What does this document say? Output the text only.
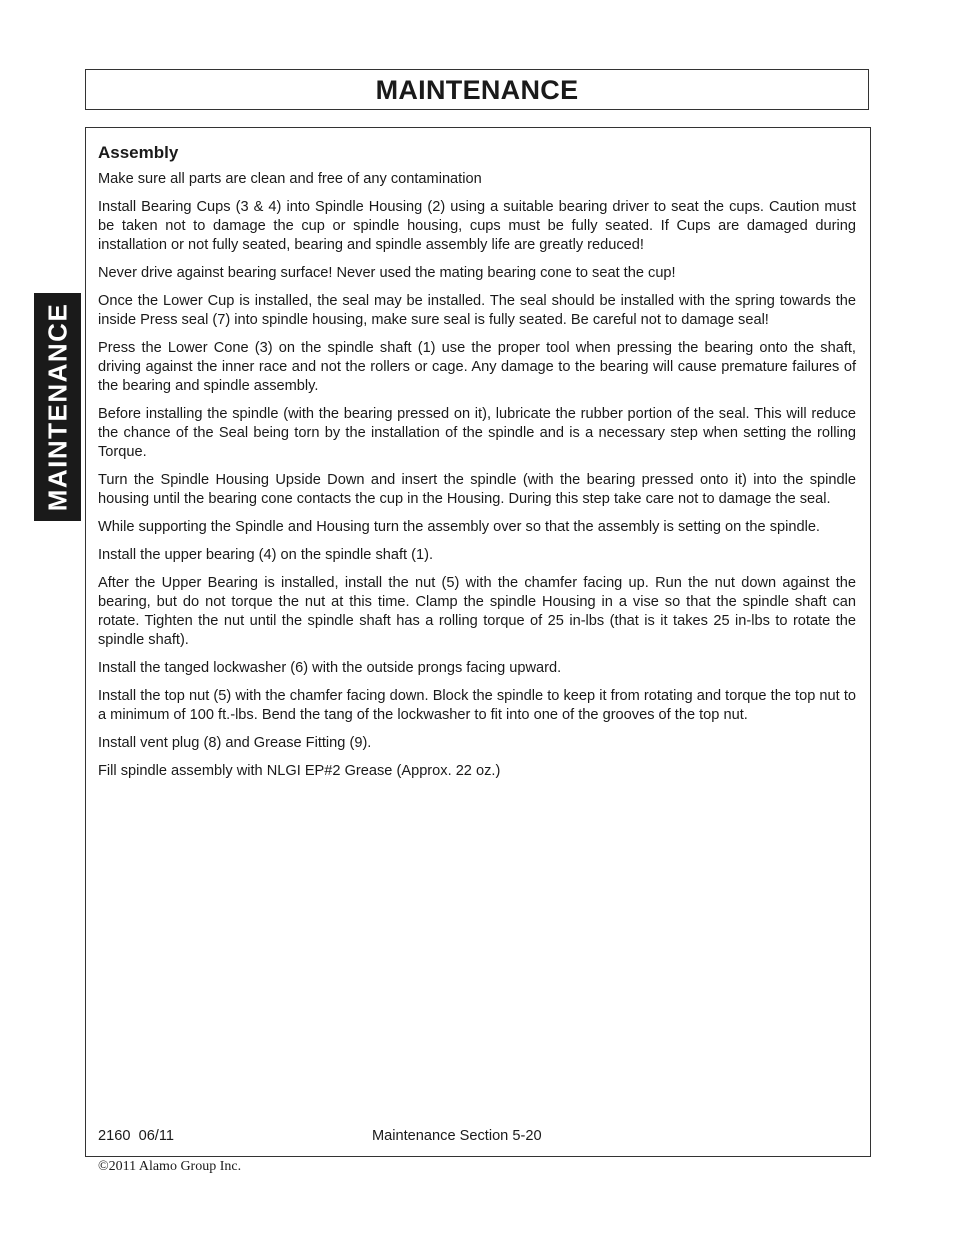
MAINTENANCE
MAINTENANCE
Assembly

Make sure all parts are clean and free of any contamination

Install Bearing Cups (3 & 4) into Spindle Housing (2) using a suitable bearing driver to seat the cups. Caution must be taken not to damage the cup or spindle housing, cups must be fully seated. If Cups are damaged during installation or not fully seated, bearing and spindle assembly life are greatly reduced!

Never drive against bearing surface! Never used the mating bearing cone to seat the cup!

Once the Lower Cup is installed, the seal may be installed. The seal should be installed with the spring towards the inside Press seal (7) into spindle housing, make sure seal is fully seated. Be careful not to damage seal!

Press the Lower Cone (3) on the spindle shaft (1) use the proper tool when pressing the bearing onto the shaft, driving against the inner race and not the rollers or cage. Any damage to the bearing will cause premature failures of the bearing and spindle assembly.

Before installing the spindle (with the bearing pressed on it), lubricate the rubber portion of the seal. This will reduce the chance of the Seal being torn by the installation of the spindle and is a necessary step when setting the rolling Torque.

Turn the Spindle Housing Upside Down and insert the spindle (with the bearing pressed onto it) into the spindle housing until the bearing cone contacts the cup in the Housing. During this step take care not to damage the seal.

While supporting the Spindle and Housing turn the assembly over so that the assembly is setting on the spindle.

Install the upper bearing (4) on the spindle shaft (1).

After the Upper Bearing is installed, install the nut (5) with the chamfer facing up. Run the nut down against the bearing, but do not torque the nut at this time. Clamp the spindle Housing in a vise so that the spindle shaft can rotate. Tighten the nut until the spindle shaft has a rolling torque of 25 in-lbs (that is it takes 25 in-lbs to rotate the spindle shaft).

Install the tanged lockwasher (6) with the outside prongs facing upward.

Install the top nut (5) with the chamfer facing down. Block the spindle to keep it from rotating and torque the top nut to a minimum of 100 ft.-lbs. Bend the tang of the lockwasher to fit into one of the grooves of the top nut.

Install vent plug (8) and Grease Fitting (9).

Fill spindle assembly with NLGI EP#2 Grease (Approx. 22 oz.)

2160  06/11	Maintenance Section 5-20
©2011 Alamo Group Inc.
